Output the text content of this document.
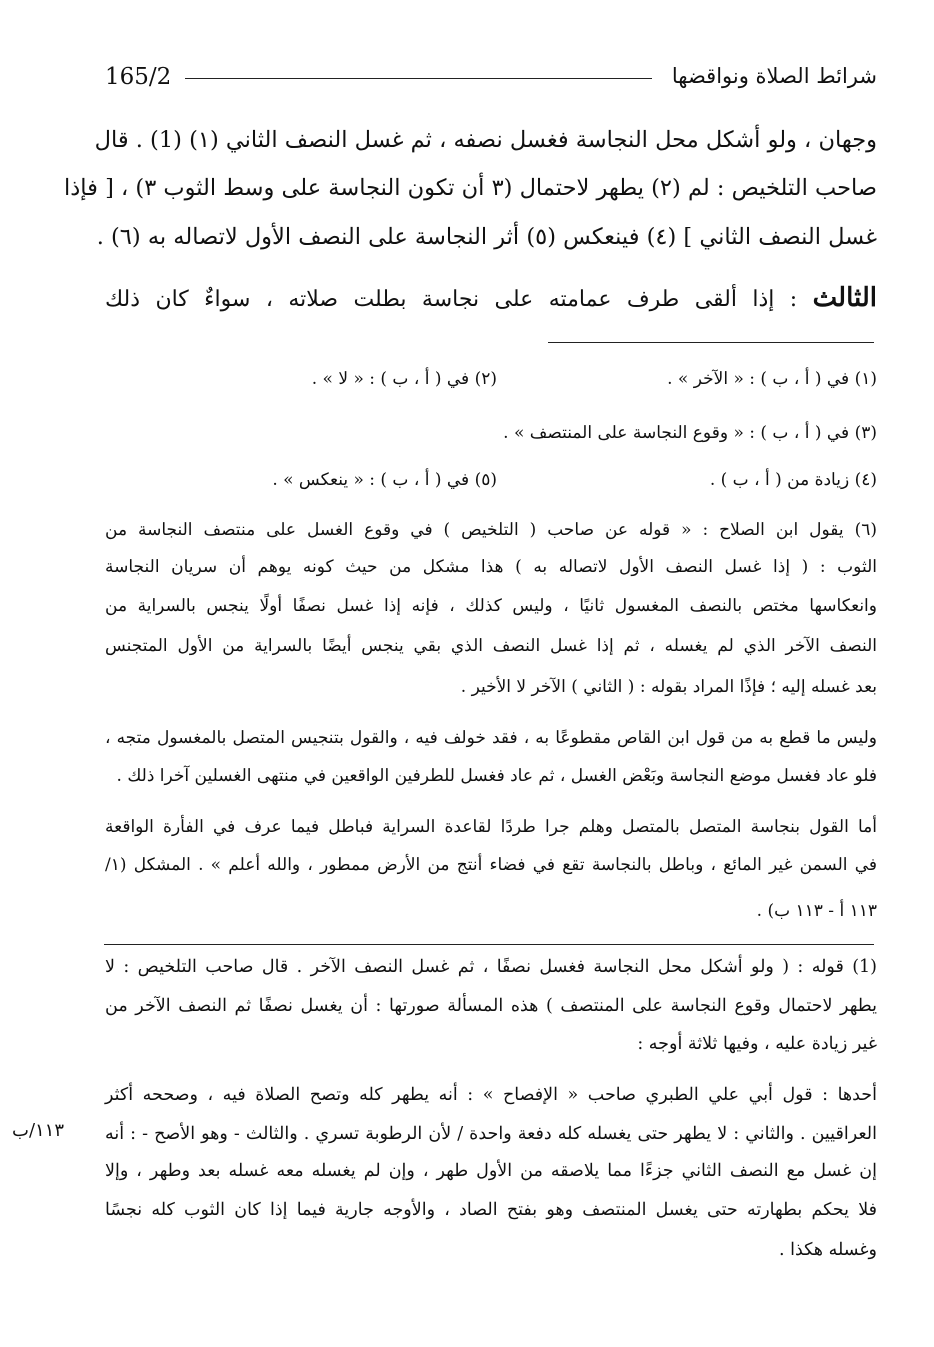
165/2	شرائط الصلاة ونواقضها
وجهان ، ولو أشكل محل النجاسة فغسل نصفه ، ثم غسل النصف الثاني (١) (1) . قال
صاحب التلخيص : لم (٢) يطهر لاحتمال (٣ أن تكون النجاسة على وسط الثوب ٣) ، [ فإذا
غسل النصف الثاني ] (٤) فينعكس (٥) أثر النجاسة على النصف الأول لاتصاله به (٦) .
الثالث : إذا ألقى طرف عمامته على نجاسة بطلت صلاته ، سواءٌ كان ذلك
(١) في ( أ ، ب ) : « الآخر » .
(٢) في ( أ ، ب ) : « لا » .
(٣) في ( أ ، ب ) : « وقوع النجاسة على المنتصف » .
(٤) زيادة من ( أ ، ب ) .
(٥) في ( أ ، ب ) : « ينعكس » .
(٦) يقول ابن الصلاح : « قوله عن صاحب ( التلخيص ) في وقوع الغسل على منتصف النجاسة من
الثوب : ( إذا غسل النصف الأول لاتصاله به ) هذا مشكل من حيث كونه يوهم أن سريان النجاسة
وانعكاسها مختص بالنصف المغسول ثانيًا ، وليس كذلك ، فإنه إذا غسل نصفًا أولًا ينجس بالسراية من
النصف الآخر الذي لم يغسله ، ثم إذا غسل النصف الذي بقي ينجس أيضًا بالسراية من الأول المتجنس
بعد غسله إليه ؛ فإذًا المراد بقوله : ( الثاني ) الآخر لا الأخير .
وليس ما قطع به من قول ابن القاص مقطوعًا به ، فقد خولف فيه ، والقول بتنجيس المتصل بالمغسول متجه ،
فلو عاد فغسل موضع النجاسة وبَعْض الغسل ، ثم عاد فغسل للطرفين الواقعين في منتهى الغسلين آخرا ذلك .
أما القول بنجاسة المتصل بالمتصل وهلم جرا طردًا لقاعدة السراية فباطل فيما عرف في الفأرة الواقعة
في السمن غير المائع ، وباطل بالنجاسة تقع في فضاء أنتج من الأرض ممطور ، والله أعلم » . المشكل (١/
١١٣ أ - ١١٣ ب) .
(1) قوله : ( ولو أشكل محل النجاسة فغسل نصفًا ، ثم غسل النصف الآخر . قال صاحب التلخيص : لا
يطهر لاحتمال وقوع النجاسة على المنتصف ) هذه المسألة صورتها : أن يغسل نصفًا ثم النصف الآخر من
غير زيادة عليه ، وفيها ثلاثة أوجه :
أحدها : قول أبي علي الطبري صاحب « الإفصاح » : أنه يطهر كله وتصح الصلاة فيه ، وصححه أكثر
العراقيين . والثاني : لا يطهر حتى يغسله كله دفعة واحدة / لأن الرطوبة تسري . والثالث - وهو الأصح - : أنه
إن غسل مع النصف الثاني جزءًا مما يلاصقه من الأول طهر ، وإن لم يغسله معه غسله بعد وطهر ، وإلا
فلا يحكم بطهارته حتى يغسل المنتصف وهو بفتح الصاد ، والأوجه جارية فيما إذا كان الثوب كله نجسًا
وغسله هكذا .
١١٣/ب
